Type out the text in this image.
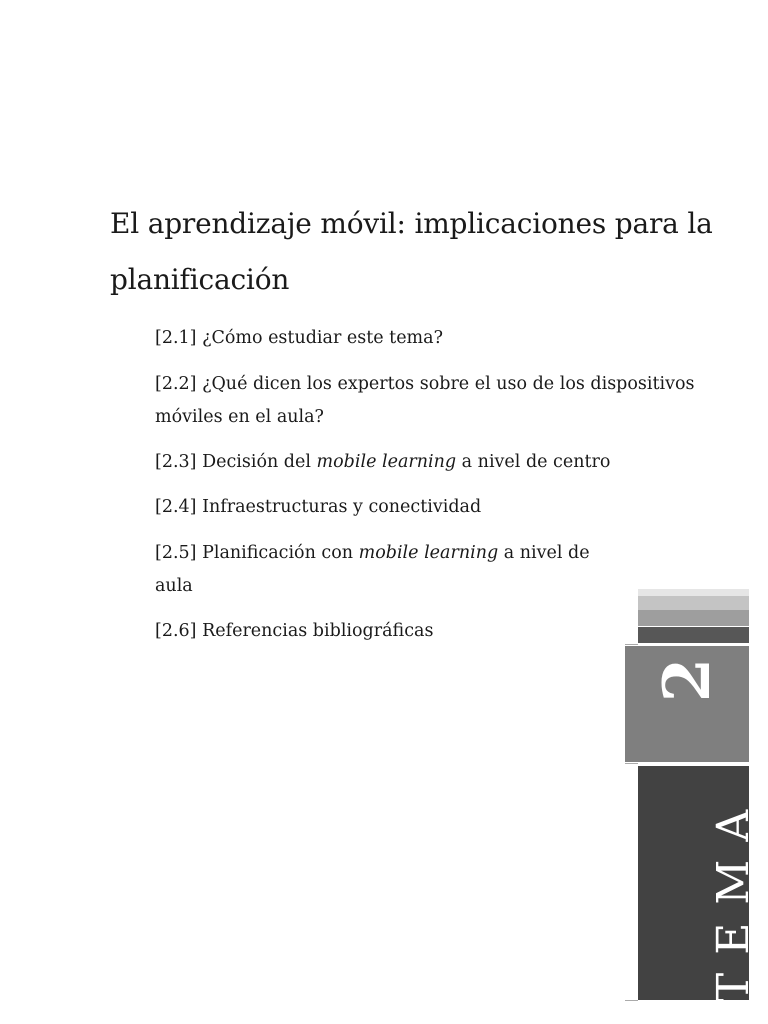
El aprendizaje móvil: implicaciones para la planificación

[2.1] ¿Cómo estudiar este tema?

[2.2] ¿Qué dicen los expertos sobre el uso de los dispositivos móviles en el aula?

[2.3] Decisión del mobile learning a nivel de centro

[2.4] Infraestructuras y conectividad

[2.5] Planificación con mobile learning a nivel de aula

[2.6] Referencias bibliográficas

2
TEMA
